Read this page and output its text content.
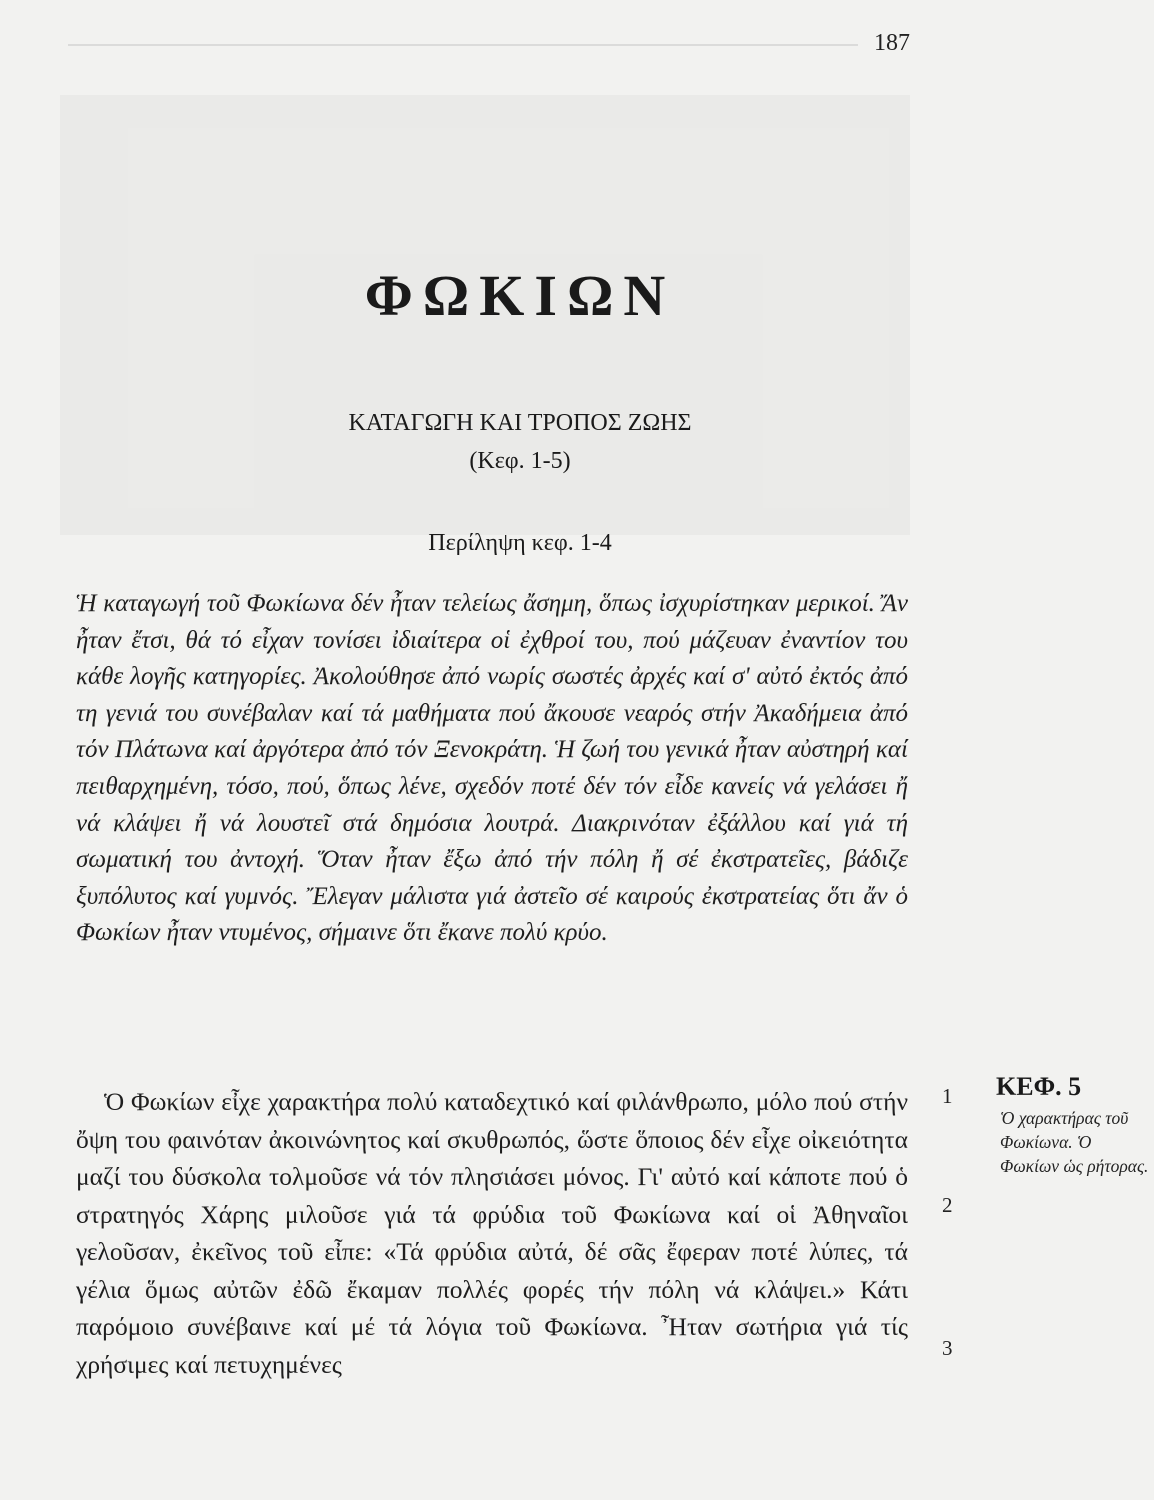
187
ΦΩΚΙΩΝ
ΚΑΤΑΓΩΓΗ ΚΑΙ ΤΡΟΠΟΣ ΖΩΗΣ
(Κεφ. 1-5)
Περίληψη κεφ. 1-4
Ἡ καταγωγή τοῦ Φωκίωνα δέν ἦταν τελείως ἄσημη, ὅπως ἰσχυρίστηκαν μερικοί. Ἄν ἦταν ἔτσι, θά τό εἶχαν τονίσει ἰδιαίτερα οἱ ἐχθροί του, πού μάζευαν ἐναντίον του κάθε λογῆς κατηγορίες. Ἀκολούθησε ἀπό νωρίς σωστές ἀρχές καί σ' αὐτό ἐκτός ἀπό τη γενιά του συνέβαλαν καί τά μαθήματα πού ἄκουσε νεαρός στήν Ἀκαδήμεια ἀπό τόν Πλάτωνα καί ἀργότερα ἀπό τόν Ξενοκράτη. Ἡ ζωή του γενικά ἦταν αὐστηρή καί πειθαρχημένη, τόσο, πού, ὅπως λένε, σχεδόν ποτέ δέν τόν εἶδε κανείς νά γελάσει ἤ νά κλάψει ἤ νά λουστεῖ στά δημόσια λουτρά. Διακρινόταν ἐξάλλου καί γιά τή σωματική του ἀντοχή. Ὅταν ἦταν ἔξω ἀπό τήν πόλη ἤ σέ ἐκστρατεῖες, βάδιζε ξυπόλυτος καί γυμνός. Ἔλεγαν μάλιστα γιά ἀστεῖο σέ καιρούς ἐκστρατείας ὅτι ἄν ὁ Φωκίων ἦταν ντυμένος, σήμαινε ὅτι ἔκανε πολύ κρύο.
Ὁ Φωκίων εἶχε χαρακτήρα πολύ καταδεχτικό καί φιλάνθρωπο, μόλο πού στήν ὄψη του φαινόταν ἀκοινώνητος καί σκυθρωπός, ὥστε ὅποιος δέν εἶχε οἰκειότητα μαζί του δύσκολα τολμοῦσε νά τόν πλησιάσει μόνος. Γι' αὐτό καί κάποτε πού ὁ στρατηγός Χάρης μιλοῦσε γιά τά φρύδια τοῦ Φωκίωνα καί οἱ Ἀθηναῖοι γελοῦσαν, ἐκεῖνος τοῦ εἶπε: «Τά φρύδια αὐτά, δέ σᾶς ἔφεραν ποτέ λύπες, τά γέλια ὅμως αὐτῶν ἐδῶ ἔκαμαν πολλές φορές τήν πόλη νά κλάψει.» Κάτι παρόμοιο συνέβαινε καί μέ τά λόγια τοῦ Φωκίωνα. Ἦταν σωτήρια γιά τίς χρήσιμες καί πετυχημένες
1
2
3
ΚΕΦ. 5
Ὁ χαρακτήρας τοῦ Φωκίωνα. Ὁ Φωκίων ὡς ρήτορας.
